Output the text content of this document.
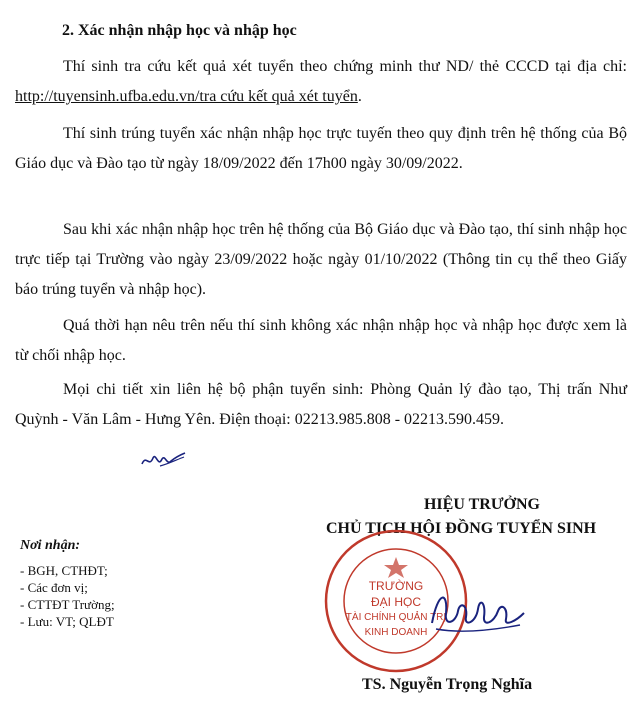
2. Xác nhận nhập học và nhập học

Thí sinh tra cứu kết quả xét tuyển theo chứng minh thư ND/ thẻ CCCD tại địa chỉ: http://tuyensinh.ufba.edu.vn/tra cứu kết quả xét tuyển.

Thí sinh trúng tuyển xác nhận nhập học trực tuyến theo quy định trên hệ thống của Bộ Giáo dục và Đào tạo từ ngày 18/09/2022 đến 17h00 ngày 30/09/2022.

Sau khi xác nhận nhập học trên hệ thống của Bộ Giáo dục và Đào tạo, thí sinh nhập học trực tiếp tại Trường vào ngày 23/09/2022 hoặc ngày 01/10/2022 (Thông tin cụ thể theo Giấy báo trúng tuyển và nhập học).

Quá thời hạn nêu trên nếu thí sinh không xác nhận nhập học và nhập học được xem là từ chối nhập học.

Mọi chi tiết xin liên hệ bộ phận tuyển sinh: Phòng Quản lý đào tạo, Thị trấn Như Quỳnh - Văn Lâm - Hưng Yên. Điện thoại: 02213.985.808 - 02213.590.459.

HIỆU TRƯỞNG

CHỦ TỊCH HỘI ĐỒNG TUYỂN SINH

TRƯỜNG
ĐẠI HỌC
TÀI CHÍNH QUẢN TRỊ
KINH DOANH

TS. Nguyễn Trọng Nghĩa

Nơi nhận:

- BGH, CTHĐT;
- Các đơn vị;
- CTTĐT Trường;
- Lưu: VT; QLĐT
